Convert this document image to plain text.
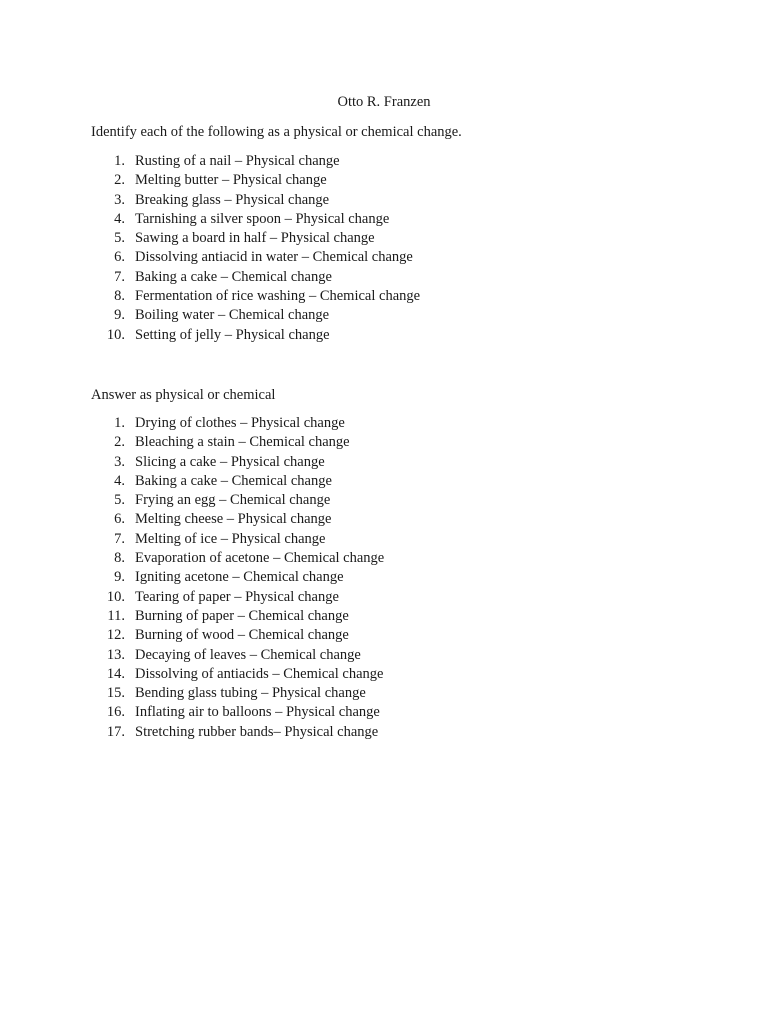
Otto R. Franzen
Identify each of the following as a physical or chemical change.
1. Rusting of a nail – Physical change
2. Melting butter – Physical change
3. Breaking glass – Physical change
4. Tarnishing a silver spoon – Physical change
5. Sawing a board in half – Physical change
6. Dissolving antiacid in water – Chemical change
7. Baking a cake – Chemical change
8. Fermentation of rice washing – Chemical change
9. Boiling water – Chemical change
10. Setting of jelly – Physical change
Answer as physical or chemical
1. Drying of clothes – Physical change
2. Bleaching a stain – Chemical change
3. Slicing a cake – Physical change
4. Baking a cake – Chemical change
5. Frying an egg – Chemical change
6. Melting cheese – Physical change
7. Melting of ice – Physical change
8. Evaporation of acetone – Chemical change
9. Igniting acetone – Chemical change
10. Tearing of paper – Physical change
11. Burning of paper – Chemical change
12. Burning of wood – Chemical change
13. Decaying of leaves – Chemical change
14. Dissolving of antiacids – Chemical change
15. Bending glass tubing – Physical change
16. Inflating air to balloons – Physical change
17. Stretching rubber bands– Physical change
